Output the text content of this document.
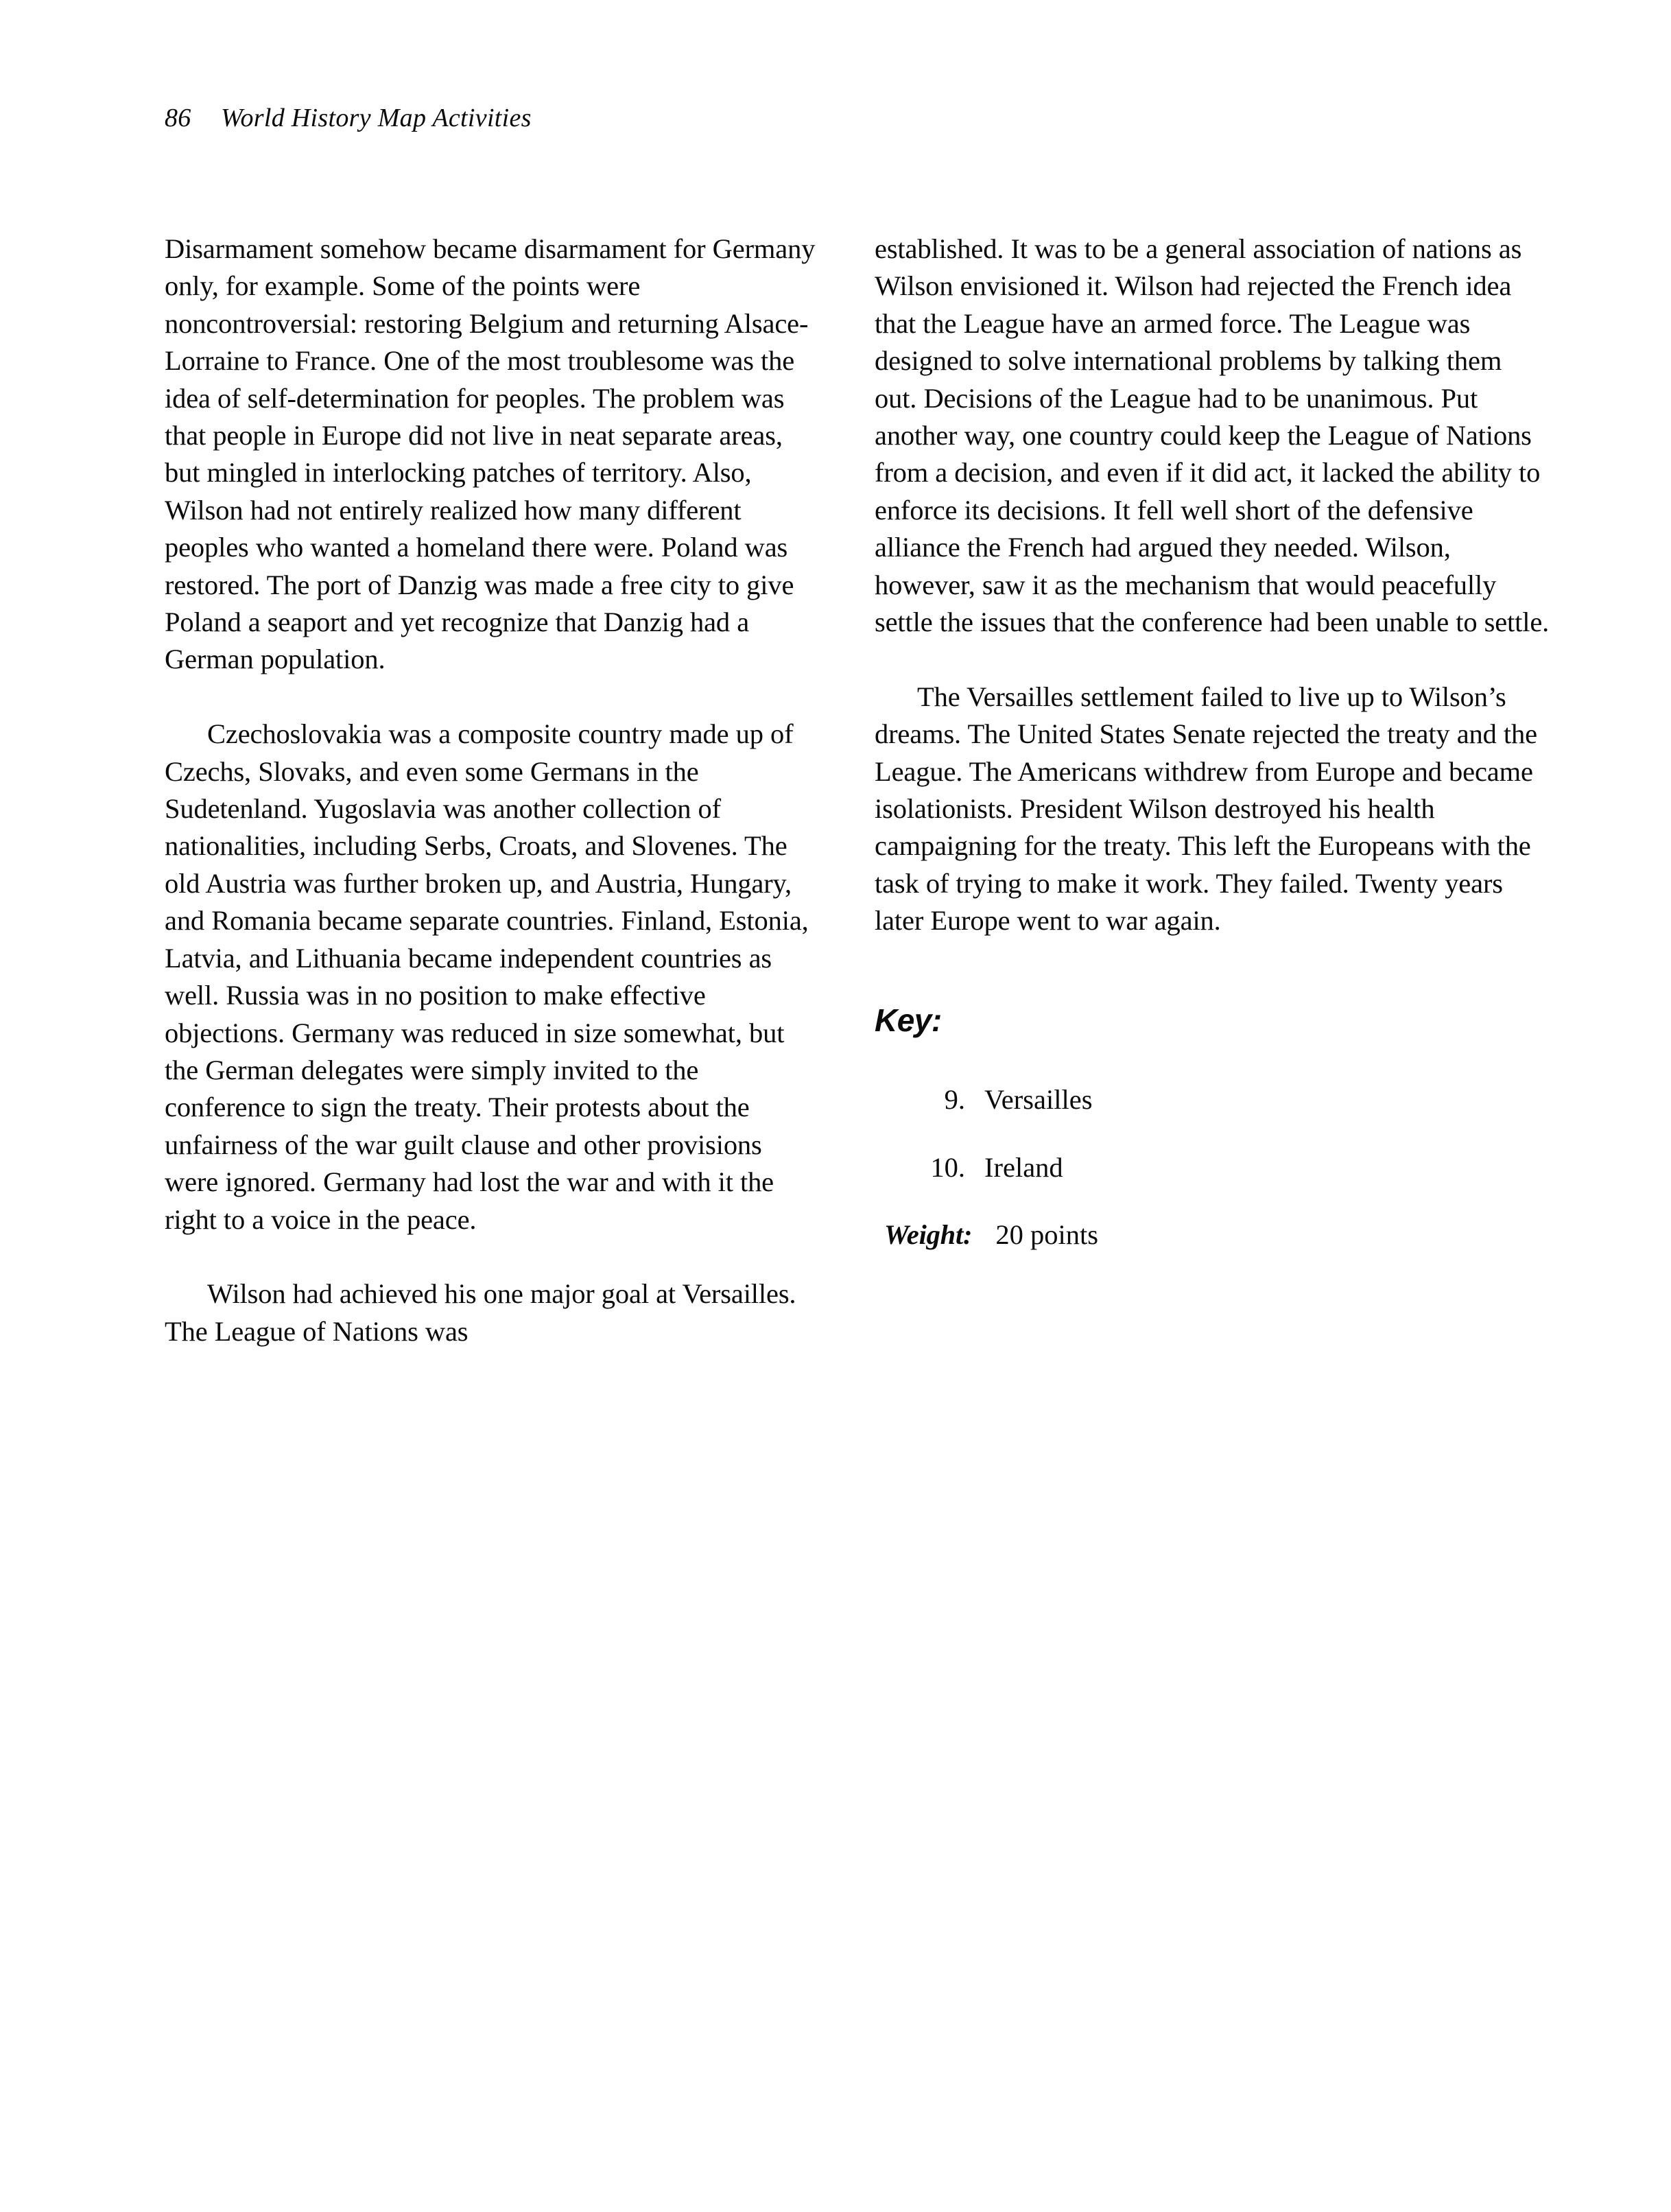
86 World History Map Activities

Disarmament somehow became disarmament for Germany only, for example. Some of the points were noncontroversial: restoring Belgium and returning Alsace-Lorraine to France. One of the most troublesome was the idea of self-determination for peoples. The problem was that people in Europe did not live in neat separate areas, but mingled in interlocking patches of territory. Also, Wilson had not entirely realized how many different peoples who wanted a homeland there were. Poland was restored. The port of Danzig was made a free city to give Poland a seaport and yet recognize that Danzig had a German population.

Czechoslovakia was a composite country made up of Czechs, Slovaks, and even some Germans in the Sudetenland. Yugoslavia was another collection of nationalities, including Serbs, Croats, and Slovenes. The old Austria was further broken up, and Austria, Hungary, and Romania became separate countries. Finland, Estonia, Latvia, and Lithuania became independent countries as well. Russia was in no position to make effective objections. Germany was reduced in size somewhat, but the German delegates were simply invited to the conference to sign the treaty. Their protests about the unfairness of the war guilt clause and other provisions were ignored. Germany had lost the war and with it the right to a voice in the peace.

Wilson had achieved his one major goal at Versailles. The League of Nations was

established. It was to be a general association of nations as Wilson envisioned it. Wilson had rejected the French idea that the League have an armed force. The League was designed to solve international problems by talking them out. Decisions of the League had to be unanimous. Put another way, one country could keep the League of Nations from a decision, and even if it did act, it lacked the ability to enforce its decisions. It fell well short of the defensive alliance the French had argued they needed. Wilson, however, saw it as the mechanism that would peacefully settle the issues that the conference had been unable to settle.

The Versailles settlement failed to live up to Wilson’s dreams. The United States Senate rejected the treaty and the League. The Americans withdrew from Europe and became isolationists. President Wilson destroyed his health campaigning for the treaty. This left the Europeans with the task of trying to make it work. They failed. Twenty years later Europe went to war again.

Key:
9. Versailles
10. Ireland
Weight: 20 points
